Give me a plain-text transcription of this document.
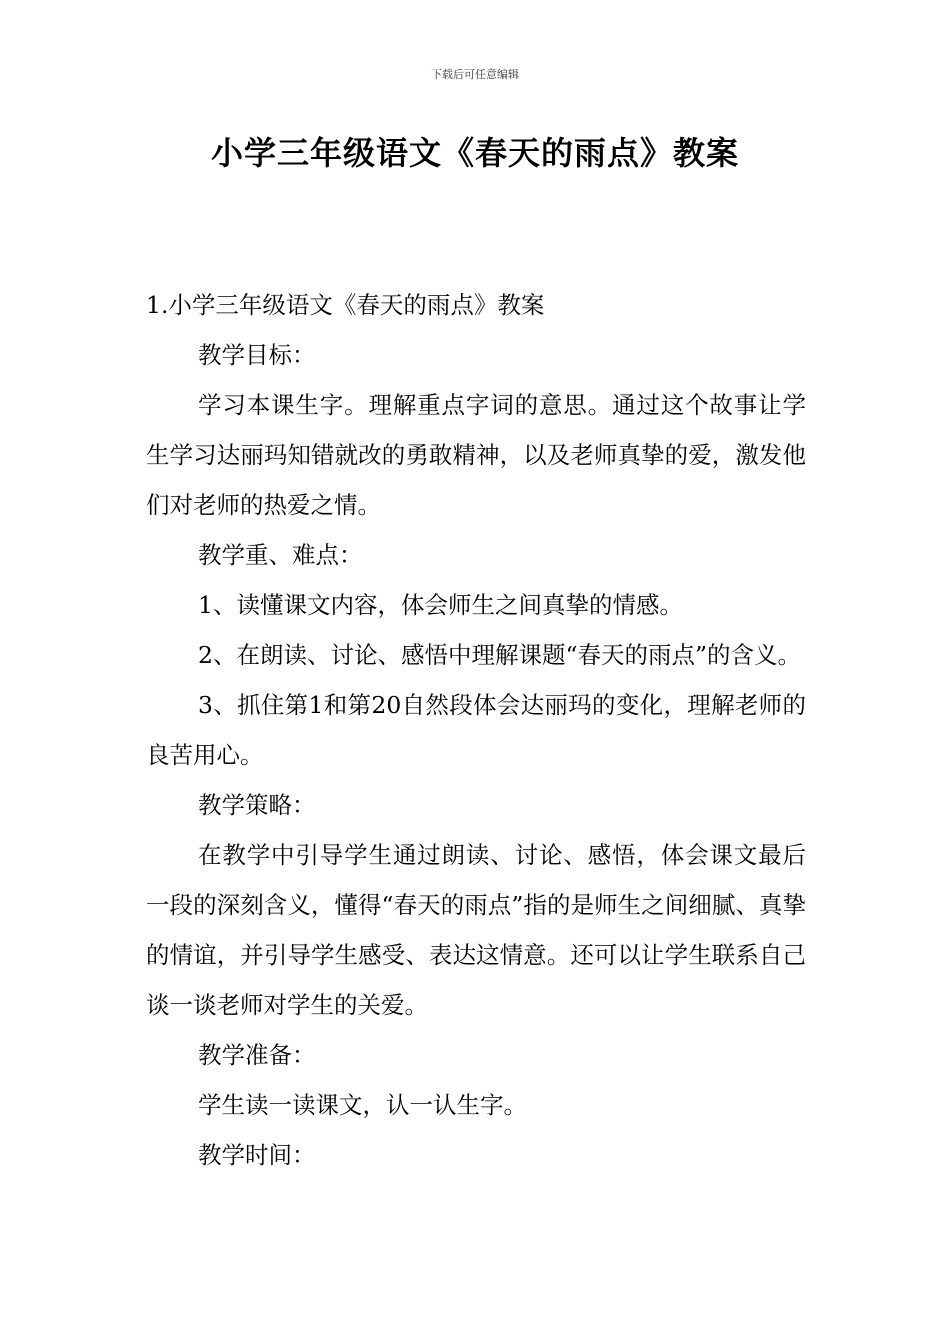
下载后可任意编辑
小学三年级语文《春天的雨点》教案

1.小学三年级语文《春天的雨点》教案

教学目标：

学习本课生字。理解重点字词的意思。通过这个故事让学生学习达丽玛知错就改的勇敢精神，以及老师真挚的爱，激发他们对老师的热爱之情。

教学重、难点：

1、读懂课文内容，体会师生之间真挚的情感。

2、在朗读、讨论、感悟中理解课题“春天的雨点”的含义。

3、抓住第1和第20自然段体会达丽玛的变化，理解老师的良苦用心。

教学策略：

在教学中引导学生通过朗读、讨论、感悟，体会课文最后一段的深刻含义，懂得“春天的雨点”指的是师生之间细腻、真挚的情谊，并引导学生感受、表达这情意。还可以让学生联系自己谈一谈老师对学生的关爱。

教学准备：

学生读一读课文，认一认生字。

教学时间：
